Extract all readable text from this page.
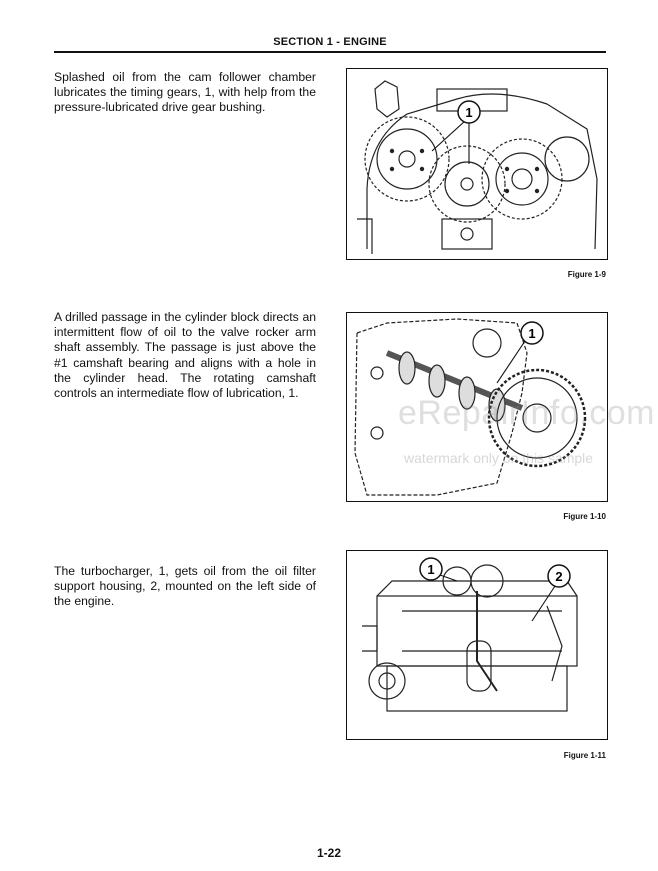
SECTION 1 - ENGINE

Splashed oil from the cam follower chamber lubricates the timing gears, 1, with help from the pressure-lubricated drive gear bushing.	1
Figure 1-9

A drilled passage in the cylinder block directs an intermittent flow of oil to the valve rocker arm shaft assembly. The passage is just above the #1 camshaft bearing and aligns with a hole in the cylinder head. The rotating camshaft controls an intermediate flow of lubrication, 1.

1
Figure 1-10

The turbocharger, 1, gets oil from the oil filter support housing, 2, mounted on the left side of the engine.

1	2
Figure 1-11
eRepairInfo.com
watermark only on this sample
1-22
